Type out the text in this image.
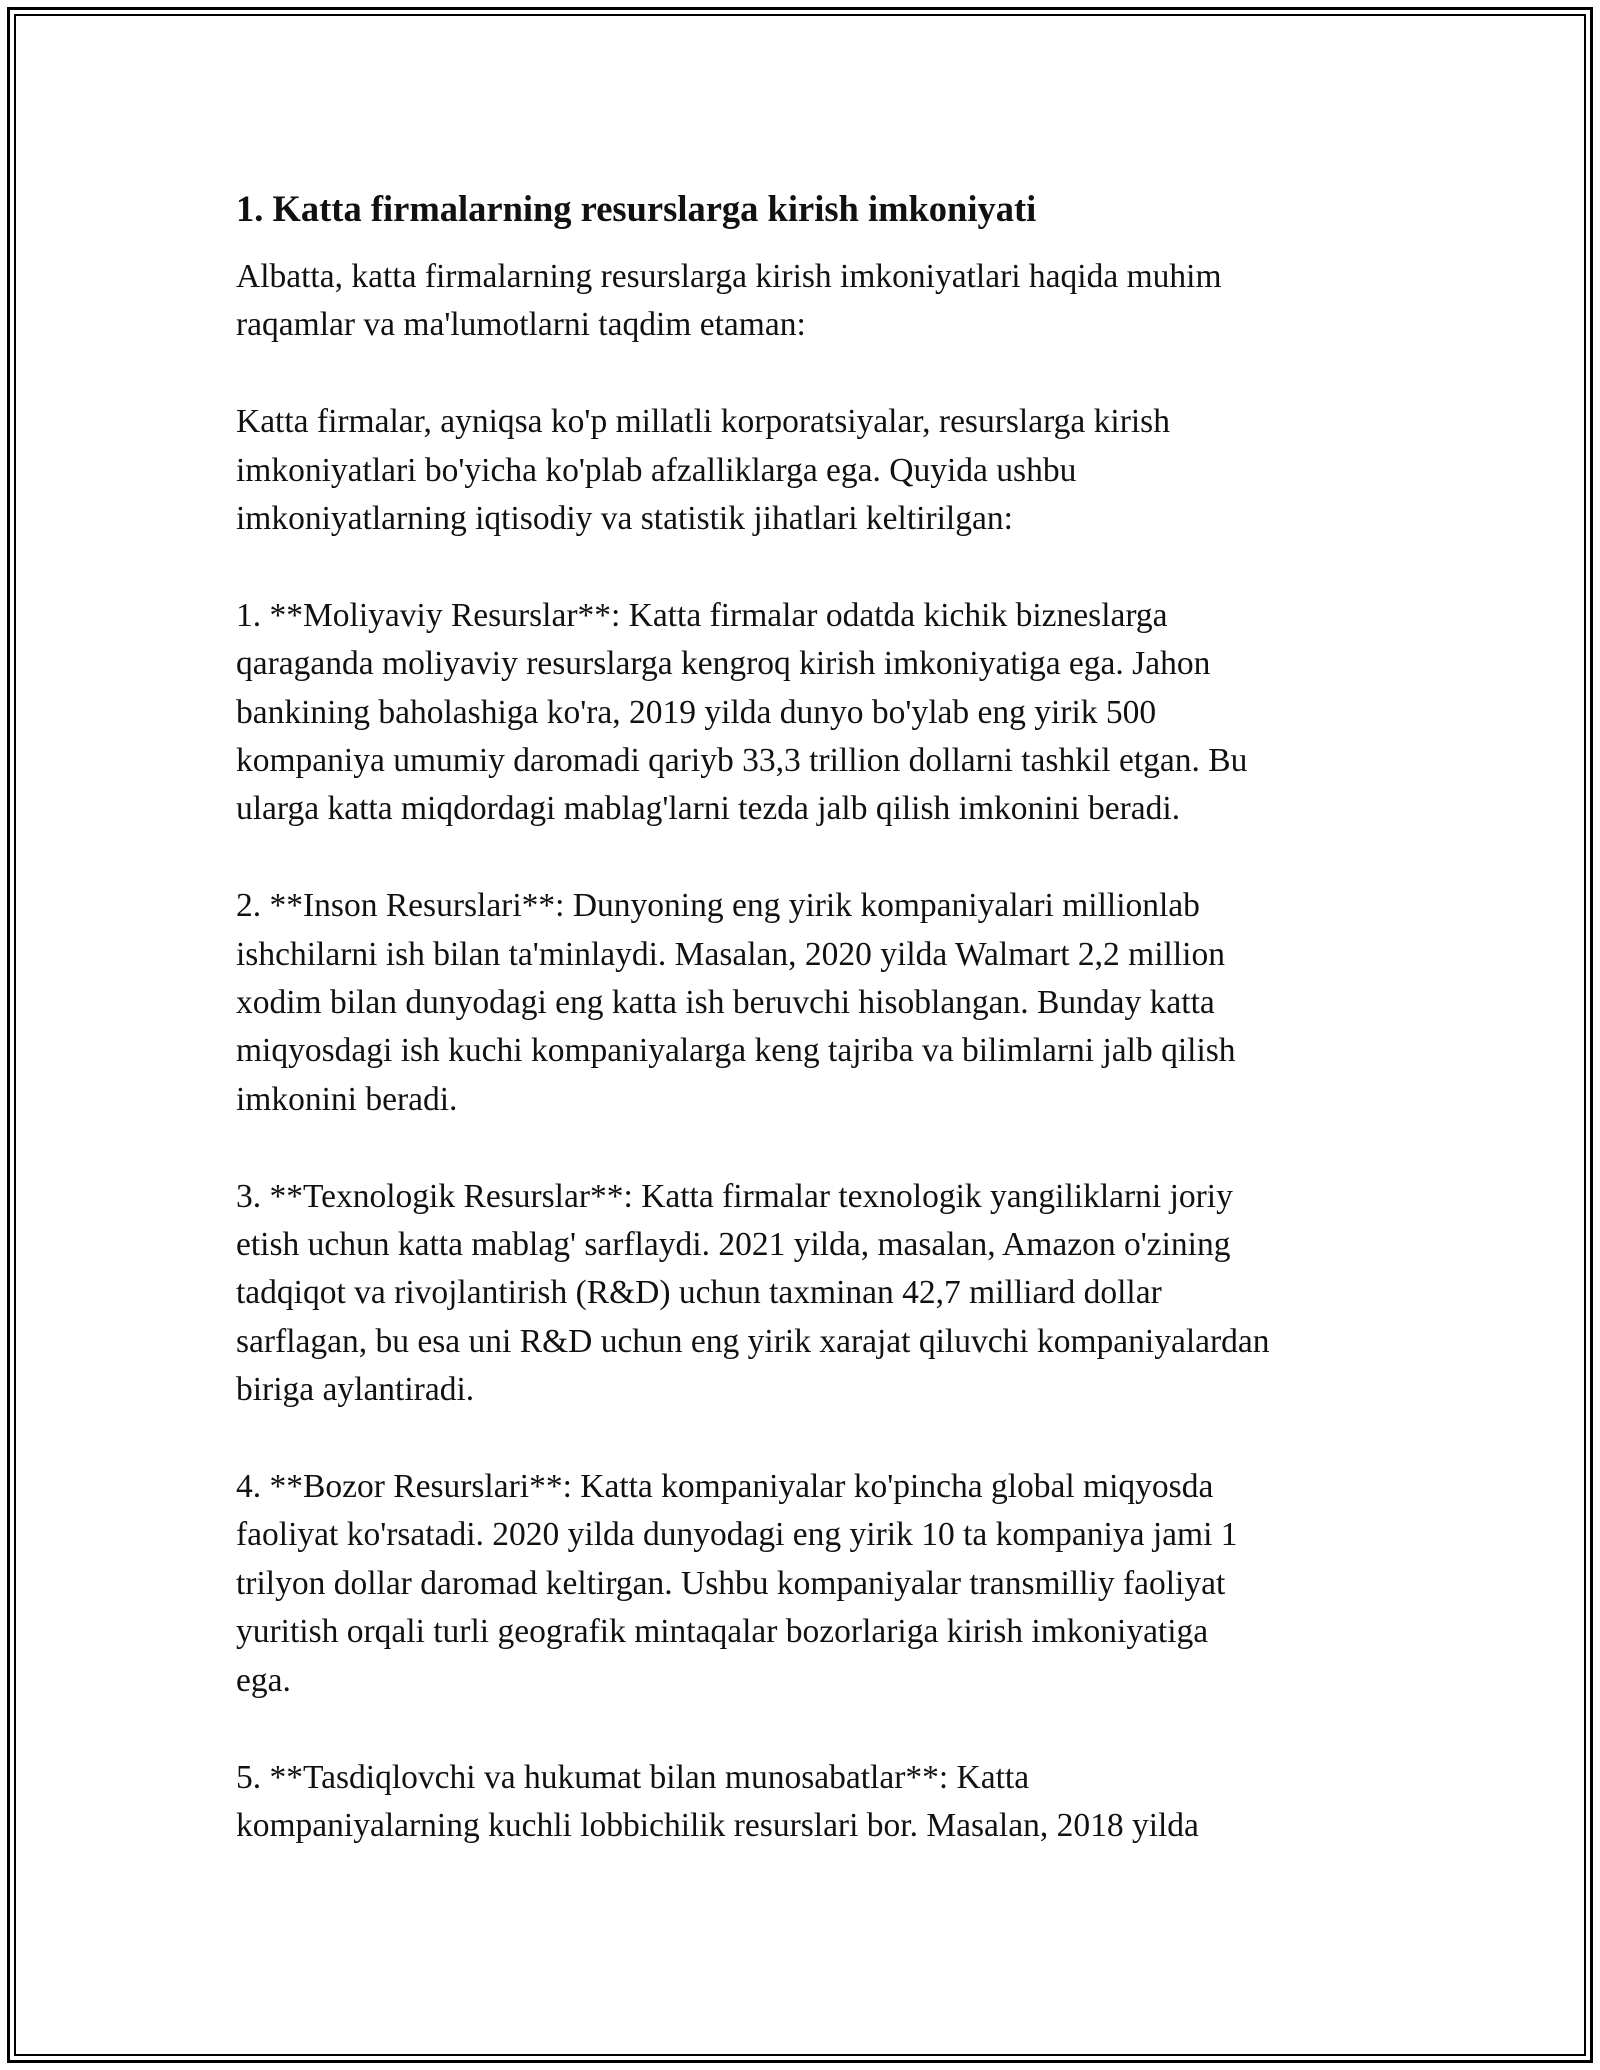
1. Katta firmalarning resurslarga kirish imkoniyati

Albatta, katta firmalarning resurslarga kirish imkoniyatlari haqida muhim
raqamlar va ma'lumotlarni taqdim etaman:

Katta firmalar, ayniqsa ko'p millatli korporatsiyalar, resurslarga kirish
imkoniyatlari bo'yicha ko'plab afzalliklarga ega. Quyida ushbu
imkoniyatlarning iqtisodiy va statistik jihatlari keltirilgan:

1. **Moliyaviy Resurslar**: Katta firmalar odatda kichik bizneslarga
qaraganda moliyaviy resurslarga kengroq kirish imkoniyatiga ega. Jahon
bankining baholashiga ko'ra, 2019 yilda dunyo bo'ylab eng yirik 500
kompaniya umumiy daromadi qariyb 33,3 trillion dollarni tashkil etgan. Bu
ularga katta miqdordagi mablag'larni tezda jalb qilish imkonini beradi.

2. **Inson Resurslari**: Dunyoning eng yirik kompaniyalari millionlab
ishchilarni ish bilan ta'minlaydi. Masalan, 2020 yilda Walmart 2,2 million
xodim bilan dunyodagi eng katta ish beruvchi hisoblangan. Bunday katta
miqyosdagi ish kuchi kompaniyalarga keng tajriba va bilimlarni jalb qilish
imkonini beradi.

3. **Texnologik Resurslar**: Katta firmalar texnologik yangiliklarni joriy
etish uchun katta mablag' sarflaydi. 2021 yilda, masalan, Amazon o'zining
tadqiqot va rivojlantirish (R&D) uchun taxminan 42,7 milliard dollar
sarflagan, bu esa uni R&D uchun eng yirik xarajat qiluvchi kompaniyalardan
biriga aylantiradi.

4. **Bozor Resurslari**: Katta kompaniyalar ko'pincha global miqyosda
faoliyat ko'rsatadi. 2020 yilda dunyodagi eng yirik 10 ta kompaniya jami 1
trilyon dollar daromad keltirgan. Ushbu kompaniyalar transmilliy faoliyat
yuritish orqali turli geografik mintaqalar bozorlariga kirish imkoniyatiga
ega.

5. **Tasdiqlovchi va hukumat bilan munosabatlar**: Katta
kompaniyalarning kuchli lobbichilik resurslari bor. Masalan, 2018 yilda
